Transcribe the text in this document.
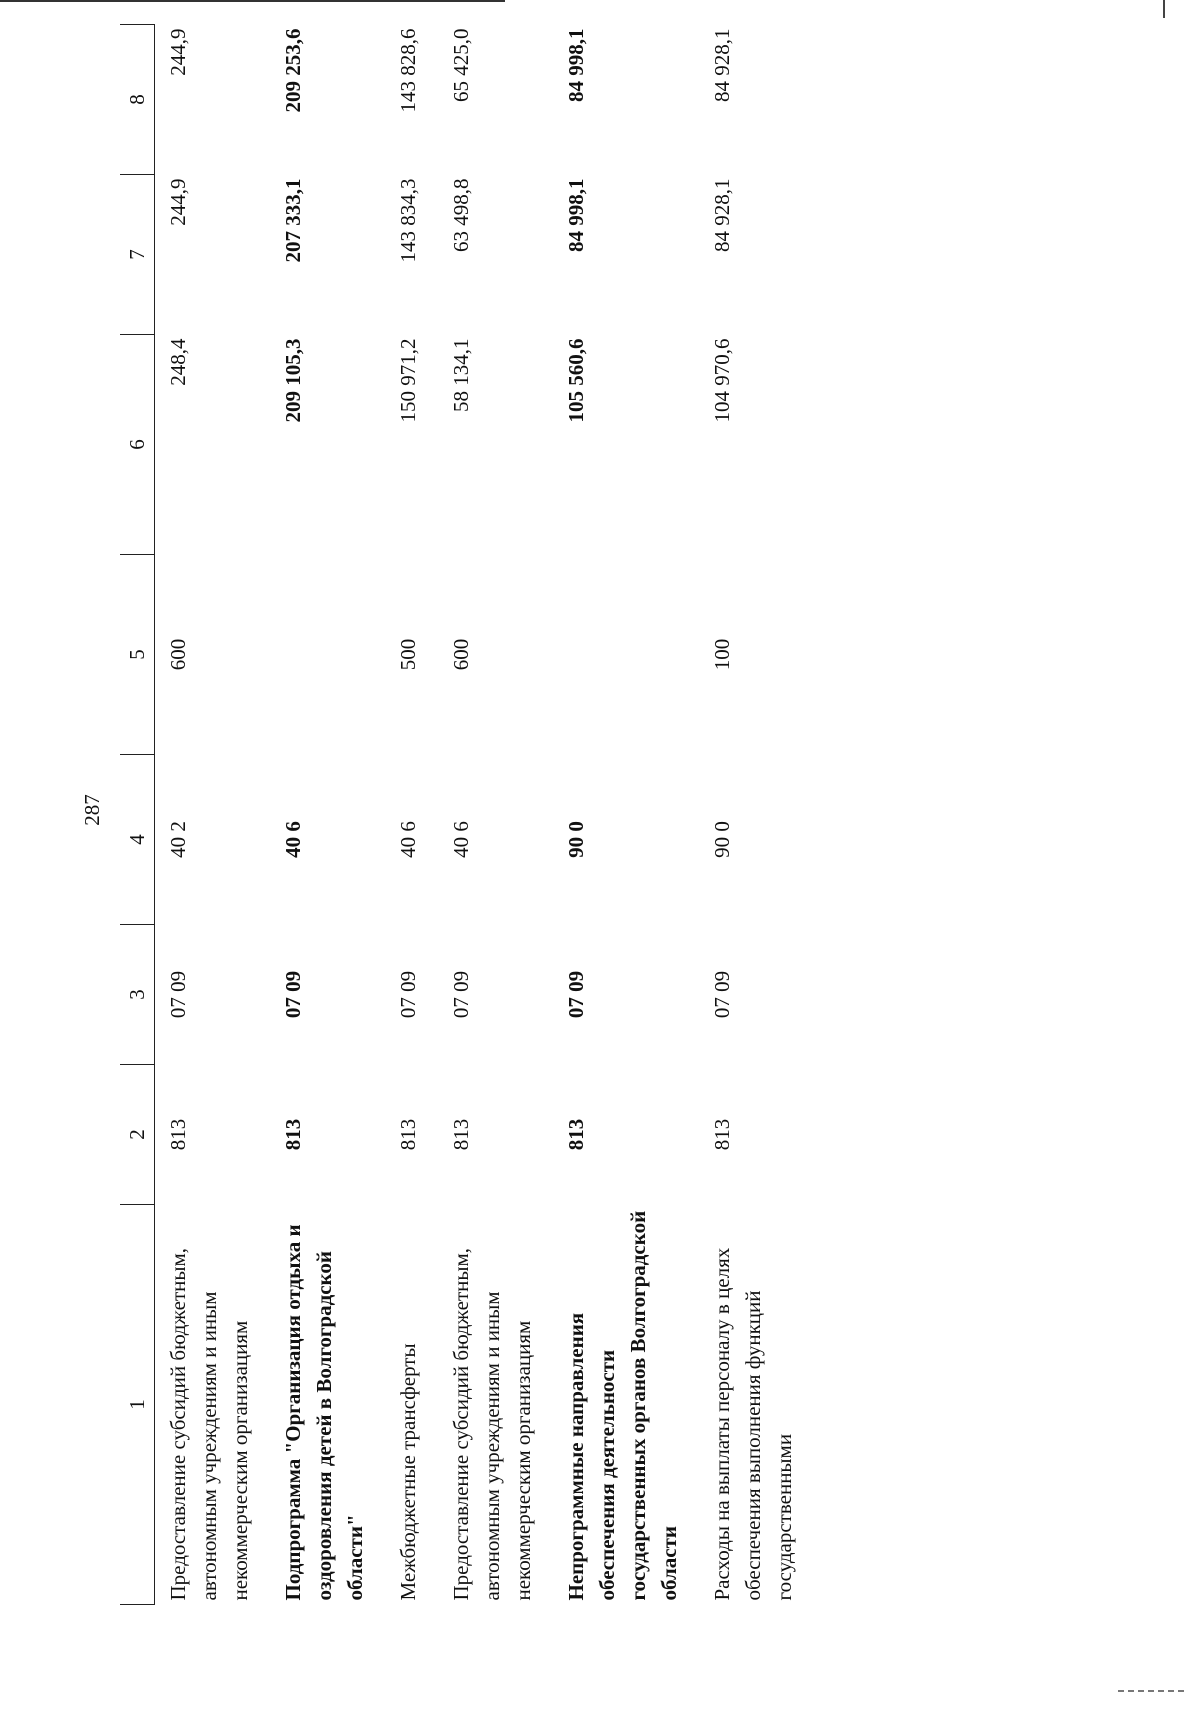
287
1	2	3	4	5	6	7	8
Предоставление субсидий бюджетным, автономным учреждениям и иным некоммерческим организациям	813	07 09	40 2	600	248,4	244,9	244,9
Подпрограмма "Организация отдыха и оздоровления детей в Волгоградской области"	813	07 09	40 6		209 105,3	207 333,1	209 253,6
Межбюджетные трансферты	813	07 09	40 6	500	150 971,2	143 834,3	143 828,6
Предоставление субсидий бюджетным, автономным учреждениям и иным некоммерческим организациям	813	07 09	40 6	600	58 134,1	63 498,8	65 425,0
Непрограммные направления обеспечения деятельности государственных органов Волгоградской области	813	07 09	90 0		105 560,6	84 998,1	84 998,1
Расходы на выплаты персоналу в целях обеспечения выполнения функций государственными	813	07 09	90 0	100	104 970,6	84 928,1	84 928,1
